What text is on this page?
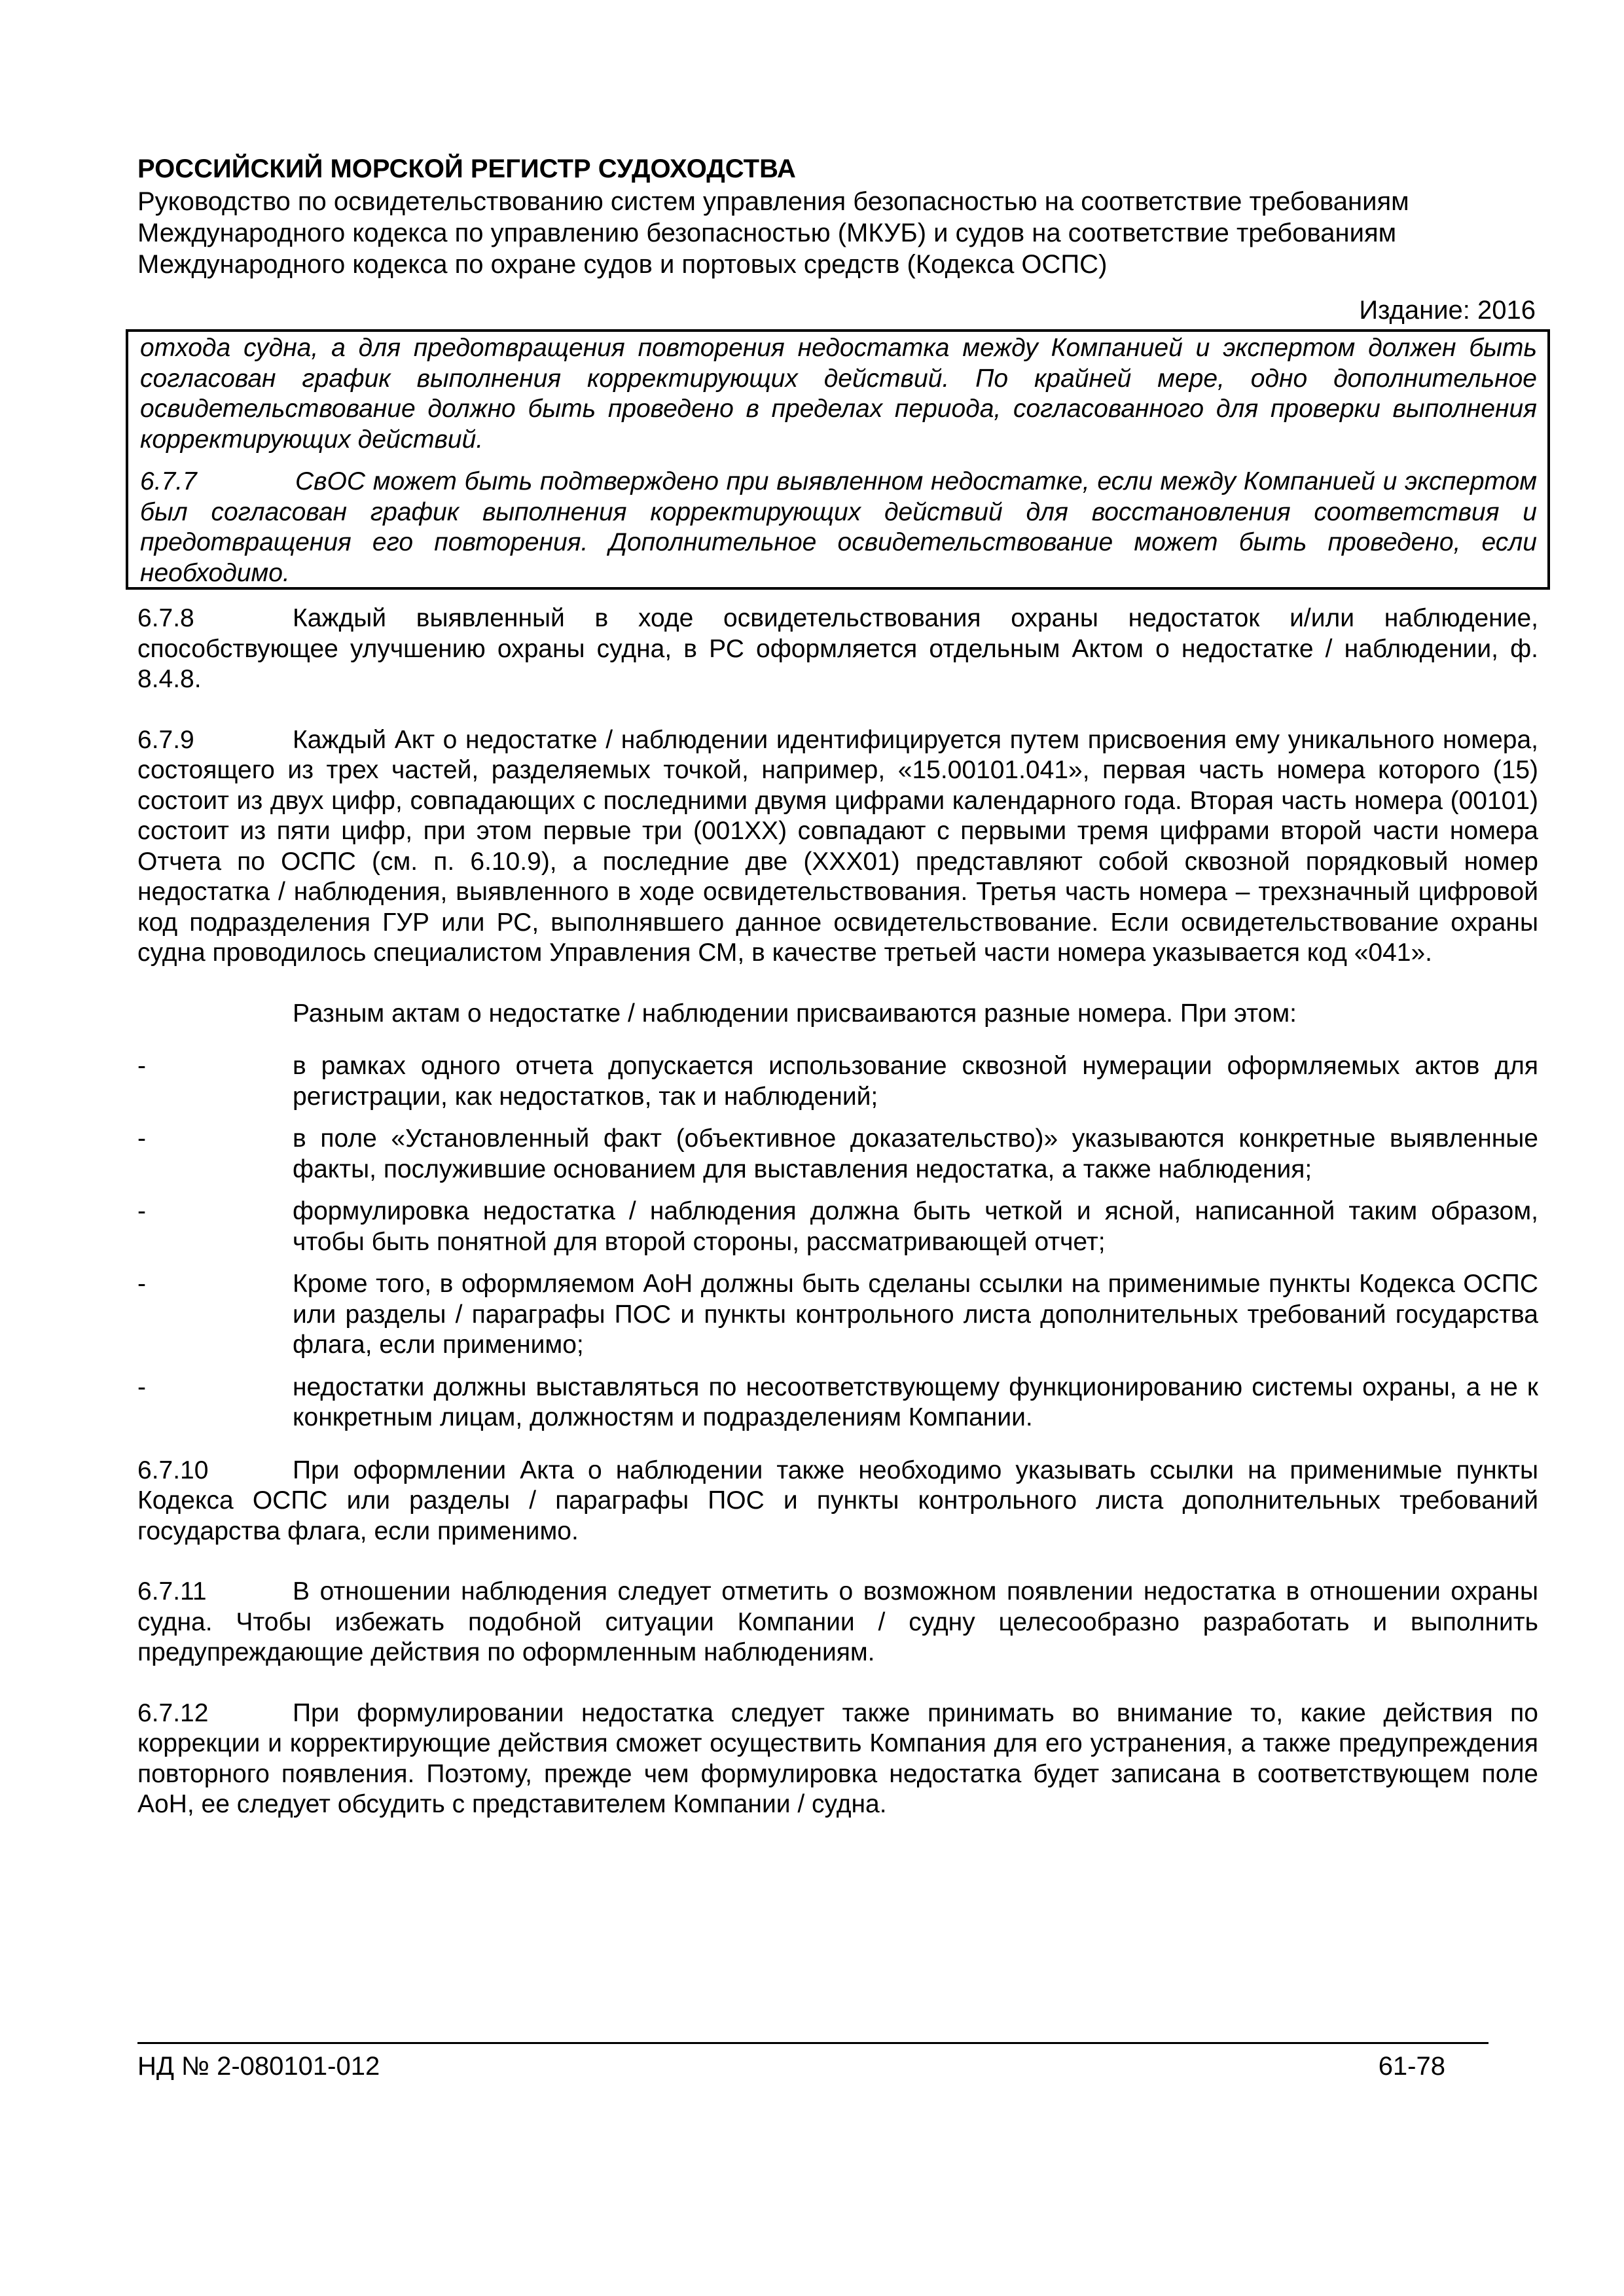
РОССИЙСКИЙ МОРСКОЙ РЕГИСТР СУДОХОДСТВА
Руководство по освидетельствованию систем управления безопасностью на соответствие требованиям
Международного кодекса по управлению безопасностью (МКУБ) и судов на соответствие требованиям
Международного кодекса по охране судов и портовых средств (Кодекса ОСПС)
Издание: 2016

отхода судна, а для предотвращения повторения недостатка между Компанией и экспертом должен быть согласован график выполнения корректирующих действий. По крайней мере, одно дополнительное освидетельствование должно быть проведено в пределах периода, согласованного для проверки выполнения корректирующих действий.

6.7.7	СвОС может быть подтверждено при выявленном недостатке, если между Компанией и экспертом был согласован график выполнения корректирующих действий для восстановления соответствия и предотвращения его повторения. Дополнительное освидетельствование может быть проведено, если необходимо.

6.7.8	Каждый выявленный в ходе освидетельствования охраны недостаток и/или наблюдение, способствующее улучшению охраны судна, в РС оформляется отдельным Актом о недостатке / наблюдении, ф. 8.4.8.

6.7.9	Каждый Акт о недостатке / наблюдении идентифицируется путем присвоения ему уникального номера, состоящего из трех частей, разделяемых точкой, например, «15.00101.041», первая часть номера которого (15) состоит из двух цифр, совпадающих с последними двумя цифрами календарного года. Вторая часть номера (00101) состоит из пяти цифр, при этом первые три (001ХХ) совпадают с первыми тремя цифрами второй части номера Отчета по ОСПС (см. п. 6.10.9), а последние две (ХХХ01) представляют собой сквозной порядковый номер недостатка / наблюдения, выявленного в ходе освидетельствования. Третья часть номера – трехзначный цифровой код подразделения ГУР или РС, выполнявшего данное освидетельствование. Если освидетельствование охраны судна проводилось специалистом Управления СМ, в качестве третьей части номера указывается код «041».

Разным актам о недостатке / наблюдении присваиваются разные номера. При этом:

-	в рамках одного отчета допускается использование сквозной нумерации оформляемых актов для регистрации, как недостатков, так и наблюдений;
-	в поле «Установленный факт (объективное доказательство)» указываются конкретные выявленные факты, послужившие основанием для выставления недостатка, а также наблюдения;
-	формулировка недостатка / наблюдения должна быть четкой и ясной, написанной таким образом, чтобы быть понятной для второй стороны, рассматривающей отчет;
-	Кроме того, в оформляемом АоН должны быть сделаны ссылки на применимые пункты Кодекса ОСПС или разделы / параграфы ПОС и пункты контрольного листа дополнительных требований государства флага, если применимо;
-	недостатки должны выставляться по несоответствующему функционированию системы охраны, а не к конкретным лицам, должностям и подразделениям Компании.

6.7.10	При оформлении Акта о наблюдении также необходимо указывать ссылки на применимые пункты Кодекса ОСПС или разделы / параграфы ПОС и пункты контрольного листа дополнительных требований государства флага, если применимо.

6.7.11	В отношении наблюдения следует отметить о возможном появлении недостатка в отношении охраны судна. Чтобы избежать подобной ситуации Компании / судну целесообразно разработать и выполнить предупреждающие действия по оформленным наблюдениям.

6.7.12	При формулировании недостатка следует также принимать во внимание то, какие действия по коррекции и корректирующие действия сможет осуществить Компания для его устранения, а также предупреждения повторного появления. Поэтому, прежде чем формулировка недостатка будет записана в соответствующем поле АоН, ее следует обсудить с представителем Компании / судна.

НД № 2-080101-012	61-78
